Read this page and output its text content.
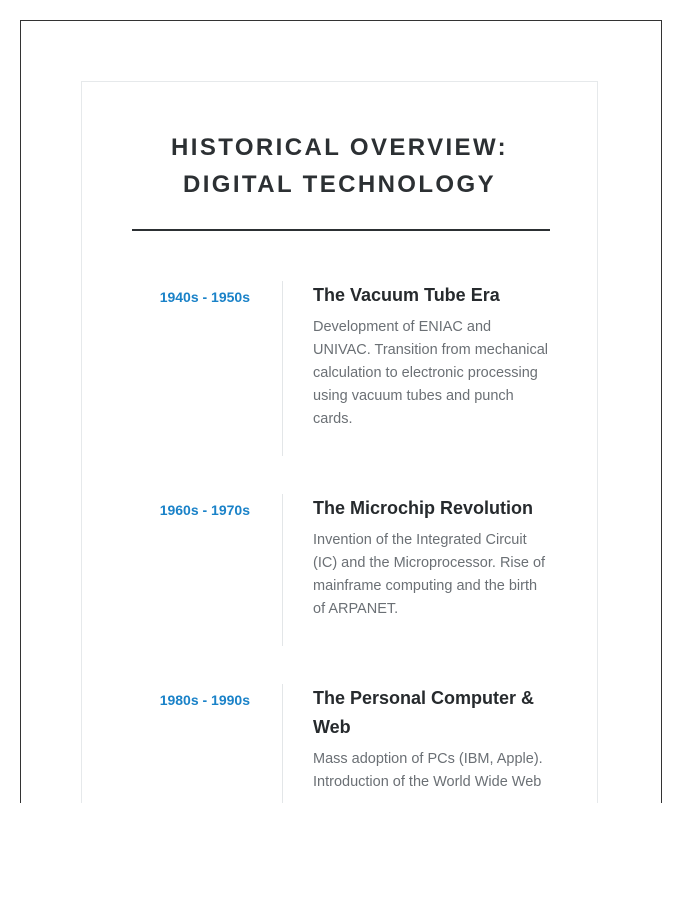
HISTORICAL OVERVIEW:
DIGITAL TECHNOLOGY
1940s - 1950s	The Vacuum Tube Era

Development of ENIAC and UNIVAC. Transition from mechanical calculation to electronic processing using vacuum tubes and punch cards.

1960s - 1970s	The Microchip Revolution

Invention of the Integrated Circuit (IC) and the Microprocessor. Rise of mainframe computing and the birth of ARPANET.

1980s - 1990s	The Personal Computer & Web

Mass adoption of PCs (IBM, Apple). Introduction of the World Wide Web
